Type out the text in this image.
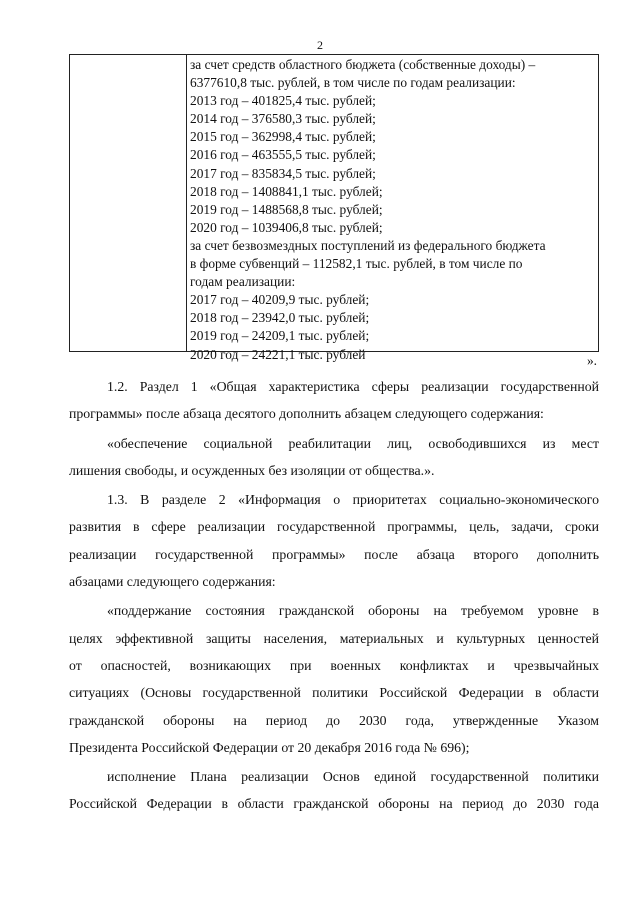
2
за счет средств областного бюджета (собственные доходы) –
6377610,8 тыс. рублей, в том числе по годам реализации:
2013 год – 401825,4 тыс. рублей;
2014 год – 376580,3 тыс. рублей;
2015 год – 362998,4 тыс. рублей;
2016 год – 463555,5 тыс. рублей;
2017 год – 835834,5 тыс. рублей;
2018 год – 1408841,1 тыс. рублей;
2019 год – 1488568,8 тыс. рублей;
2020 год – 1039406,8 тыс. рублей;
за счет безвозмездных поступлений из федерального бюджета
в форме субвенций – 112582,1 тыс. рублей, в том числе по
годам реализации:
2017 год – 40209,9 тыс. рублей;
2018 год – 23942,0 тыс. рублей;
2019 год – 24209,1 тыс. рублей;
2020 год – 24221,1 тыс. рублей	».

1.2. Раздел 1 «Общая характеристика сферы реализации государственной
программы» после абзаца десятого дополнить абзацем следующего содержания:

«обеспечение социальной реабилитации лиц, освободившихся из мест
лишения свободы, и осужденных без изоляции от общества.».

1.3. В разделе 2 «Информация о приоритетах социально-экономического
развития в сфере реализации государственной программы, цель, задачи, сроки
реализации государственной программы» после абзаца второго дополнить
абзацами следующего содержания:

«поддержание состояния гражданской обороны на требуемом уровне в
целях эффективной защиты населения, материальных и культурных ценностей
от опасностей, возникающих при военных конфликтах и чрезвычайных
ситуациях (Основы государственной политики Российской Федерации в области
гражданской обороны на период до 2030 года, утвержденные Указом
Президента Российской Федерации от 20 декабря 2016 года № 696);

исполнение Плана реализации Основ единой государственной политики
Российской Федерации в области гражданской обороны на период до 2030 года
